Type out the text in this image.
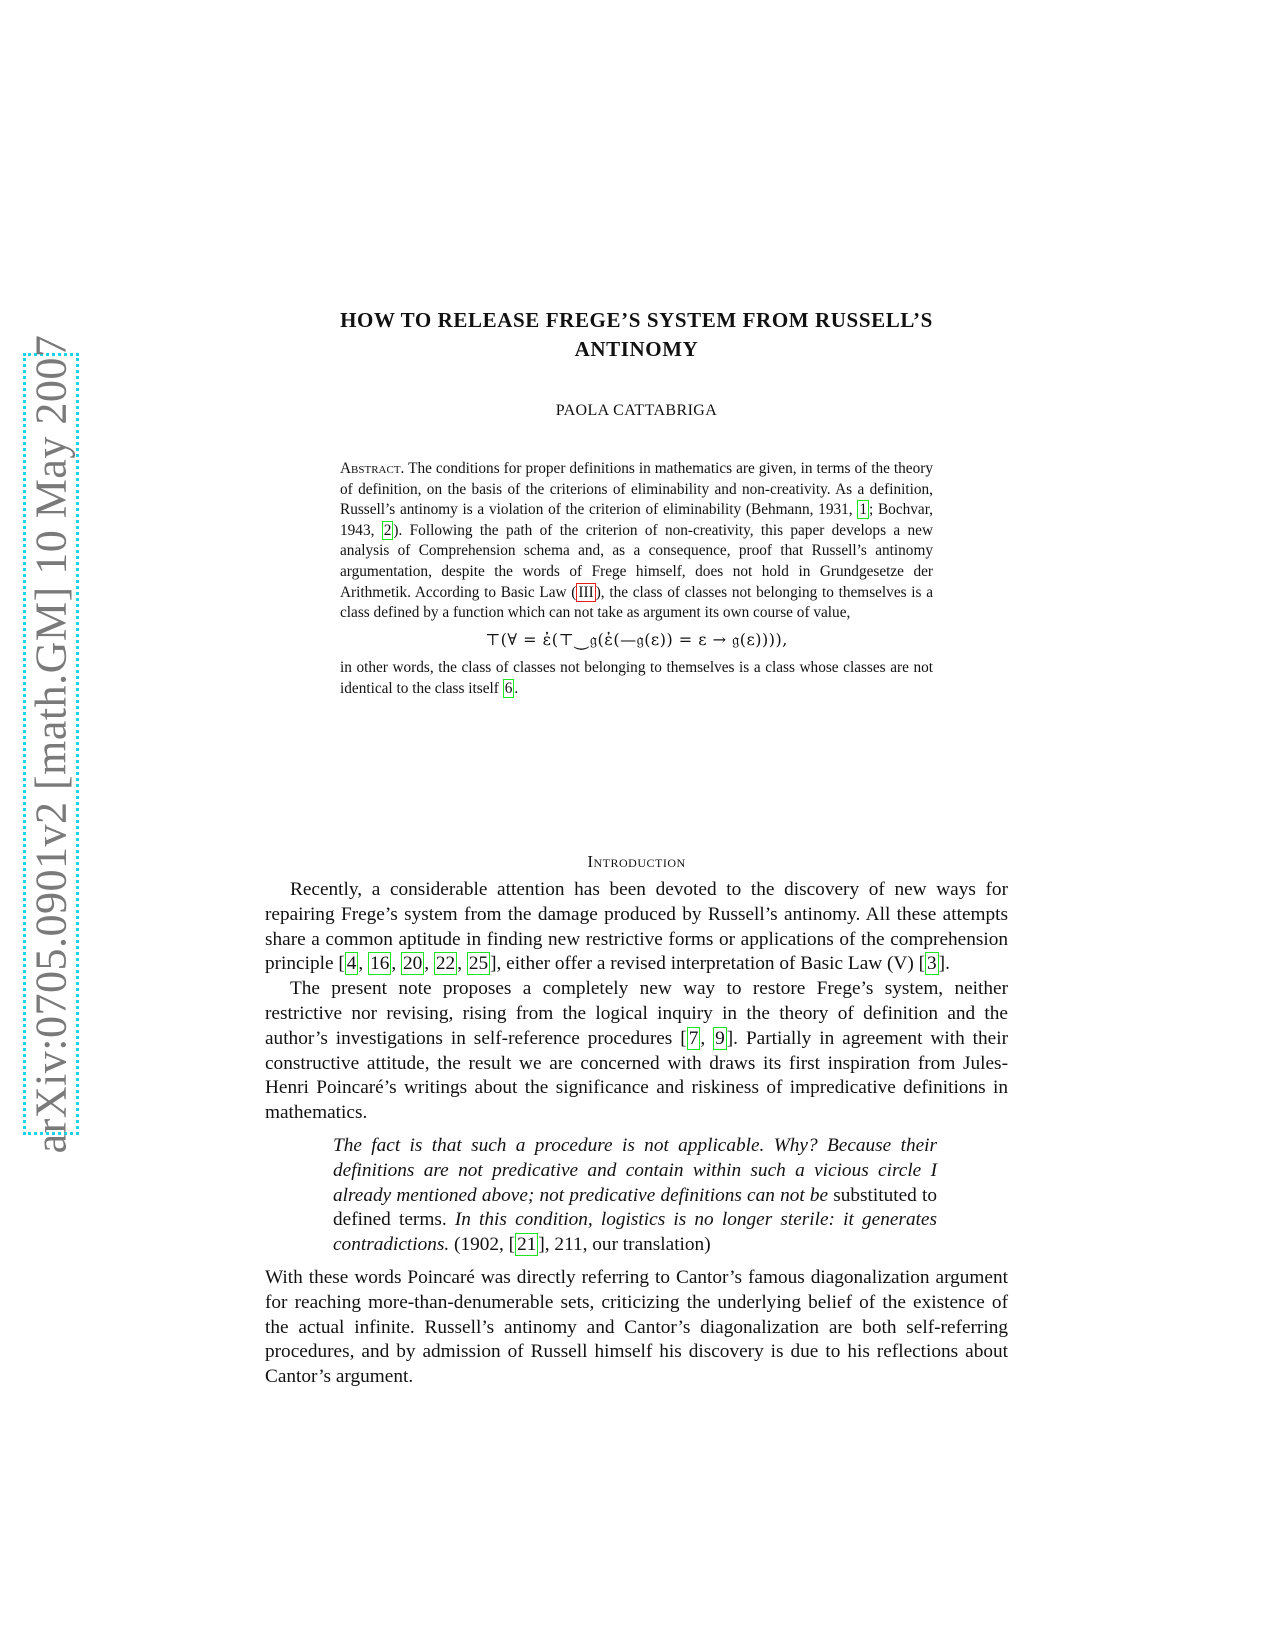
arXiv:0705.0901v2 [math.GM] 10 May 2007
HOW TO RELEASE FREGE’S SYSTEM FROM RUSSELL’S
ANTINOMY
PAOLA CATTABRIGA
Abstract. The conditions for proper definitions in mathematics are given, in terms of the theory of definition, on the basis of the criterions of eliminability and non-creativity. As a definition, Russell’s antinomy is a violation of the criterion of eliminability (Behmann, 1931, 1 ; Bochvar, 1943, 2 ). Following the path of the criterion of non-creativity, this paper develops a new analysis of Comprehension schema and, as a consequence, proof that Russell’s antinomy argumentation, despite the words of Frege himself, does not hold in Grundgesetze der Arithmetik. According to Basic Law ( III ), the class of classes not belonging to themselves is a class defined by a function which can not take as argument its own course of value,
⊤(∀ = ἐ(⊤⏝𝔤(ἐ(—𝔤(ε)) = ε → 𝔤(ε)))),
in other words, the class of classes not belonging to themselves is a class whose classes are not identical to the class itself 6 .
Introduction

Recently, a considerable attention has been devoted to the discovery of new ways for repairing Frege’s system from the damage produced by Russell’s antinomy. All these attempts share a common aptitude in finding new restrictive forms or applications of the comprehension principle [ 4 , 16 , 20 , 22 , 25 ], either offer a revised interpretation of Basic Law (V) [ 3 ].

The present note proposes a completely new way to restore Frege’s system, neither restrictive nor revising, rising from the logical inquiry in the theory of definition and the author’s investigations in self-reference procedures [ 7 , 9 ]. Partially in agreement with their constructive attitude, the result we are concerned with draws its first inspiration from Jules-Henri Poincaré’s writings about the significance and riskiness of impredicative definitions in mathematics.

The fact is that such a procedure is not applicable. Why? Because their definitions are not predicative and contain within such a vicious circle I already mentioned above; not predicative definitions can not be substituted to defined terms. In this condition, logistics is no longer sterile: it generates contradictions. (1902, [ 21 ], 211, our translation)

With these words Poincaré was directly referring to Cantor’s famous diagonalization argument for reaching more-than-denumerable sets, criticizing the underlying belief of the existence of the actual infinite. Russell’s antinomy and Cantor’s diagonalization are both self-referring procedures, and by admission of Russell himself his discovery is due to his reflections about Cantor’s argument.
